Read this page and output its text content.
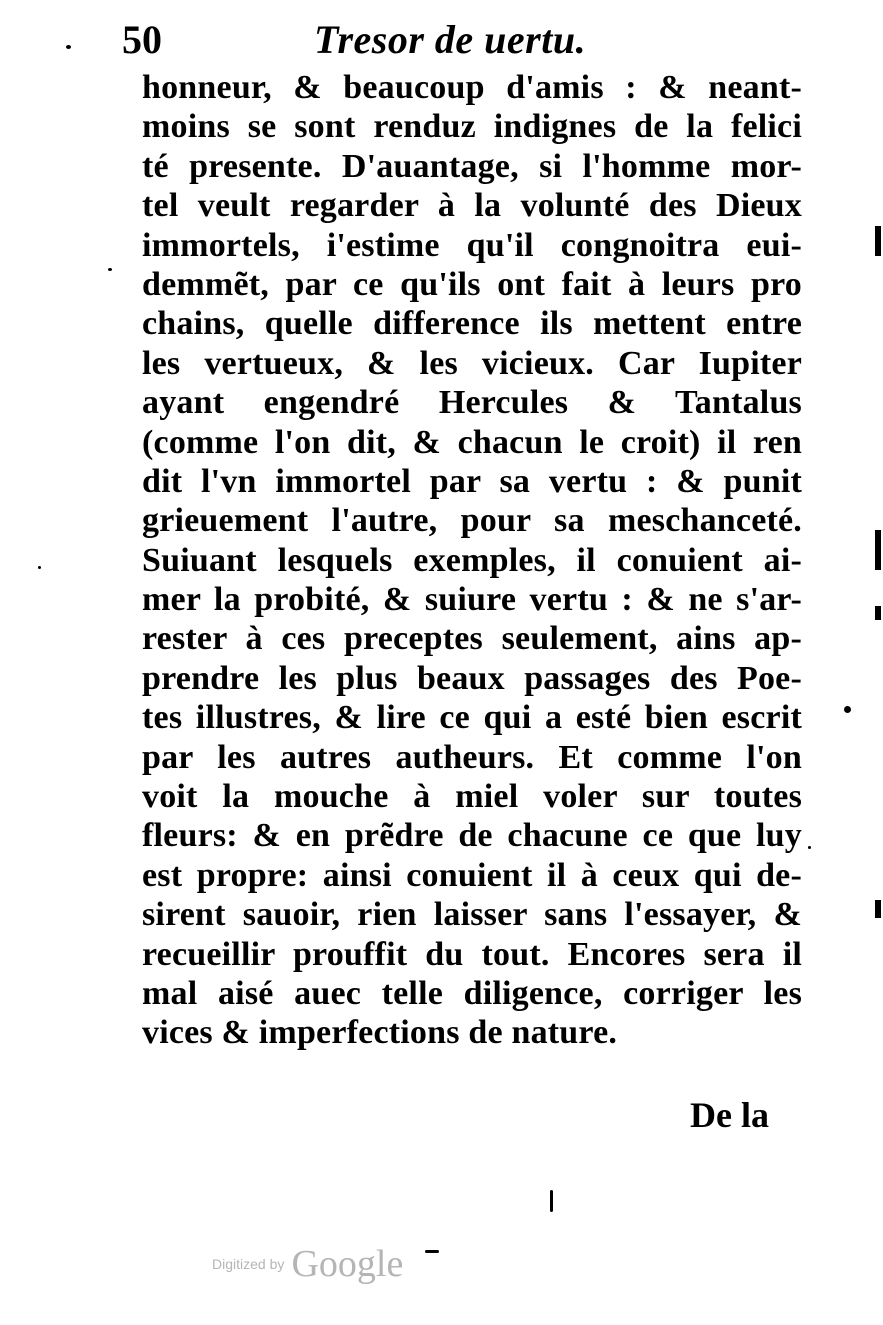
50	Tresor de uertu.
honneur, & beaucoup d'amis : & neant-
moins se sont renduz indignes de la felici
té presente. D'auantage, si l'homme mor-
tel veult regarder à la volunté des Dieux
immortels, i'estime qu'il congnoitra eui-
demmẽt, par ce qu'ils ont fait à leurs pro
chains, quelle difference ils mettent entre
les vertueux, & les vicieux. Car Iupiter
ayant engendré Hercules & Tantalus
(comme l'on dit, & chacun le croit) il ren
dit l'vn immortel par sa vertu : & punit
grieuement l'autre, pour sa meschanceté.
Suiuant lesquels exemples, il conuient ai-
mer la probité, & suiure vertu : & ne s'ar-
rester à ces preceptes seulement, ains ap-
prendre les plus beaux passages des Poe-
tes illustres, & lire ce qui a esté bien escrit
par les autres autheurs. Et comme l'on
voit la mouche à miel voler sur toutes
fleurs: & en prẽdre de chacune ce que luy
est propre: ainsi conuient il à ceux qui de-
sirent sauoir, rien laisser sans l'essayer, &
recueillir prouffit du tout. Encores sera il
mal aisé auec telle diligence, corriger les
vices & imperfections de nature.
De la
Digitized by Google
